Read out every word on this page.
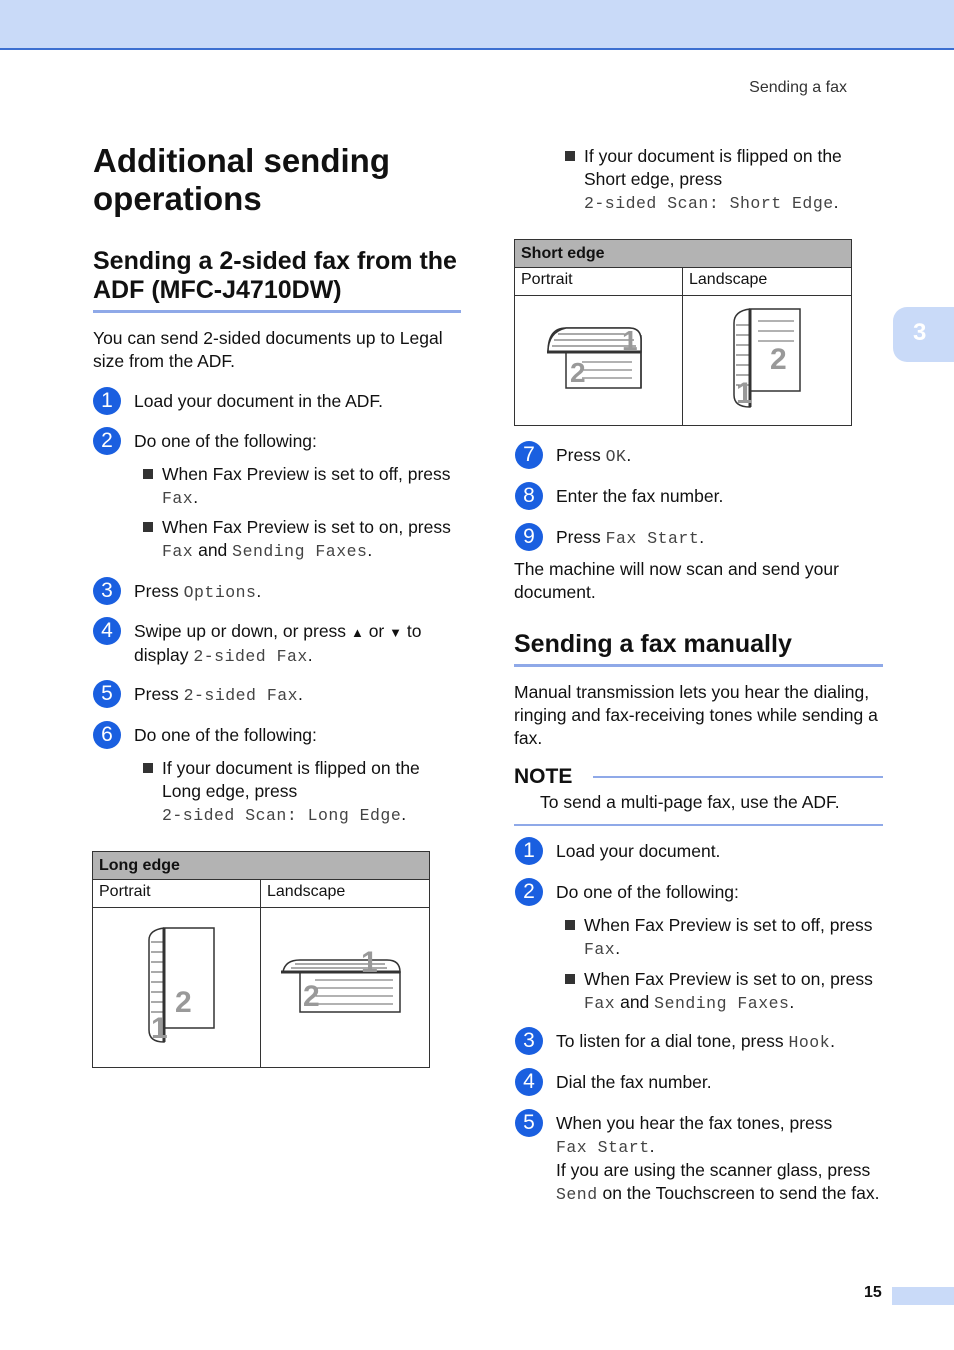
Sending a fax
3
Additional sending operations
Sending a 2-sided fax from the ADF (MFC-J4710DW)
You can send 2-sided documents up to Legal size from the ADF.
1	Load your document in the ADF.
2	Do one of the following:
When Fax Preview is set to off, press
Fax.
When Fax Preview is set to on, press
Fax and Sending Faxes.
3	Press Options.
4	Swipe up or down, or press ▲ or ▼ to
display 2-sided Fax.
5	Press 2-sided Fax.
6	Do one of the following:
If your document is flipped on the Long edge, press
2-sided Scan: Long Edge.
Long edge	
Portrait	Landscape

2
1	2
1
If your document is flipped on the Short edge, press
2-sided Scan: Short Edge.
Short edge	
Portrait	Landscape

2
1	2
1
7	Press OK.
8	Enter the fax number.
9	Press Fax Start.
The machine will now scan and send your document.
Sending a fax manually
Manual transmission lets you hear the dialing, ringing and fax-receiving tones while sending a fax.
NOTE
To send a multi-page fax, use the ADF.
1	Load your document.
2	Do one of the following:
When Fax Preview is set to off, press
Fax.
When Fax Preview is set to on, press
Fax and Sending Faxes.
3	To listen for a dial tone, press Hook.
4	Dial the fax number.
5	When you hear the fax tones, press
Fax Start.
If you are using the scanner glass, press
Send on the Touchscreen to send the fax.
15
